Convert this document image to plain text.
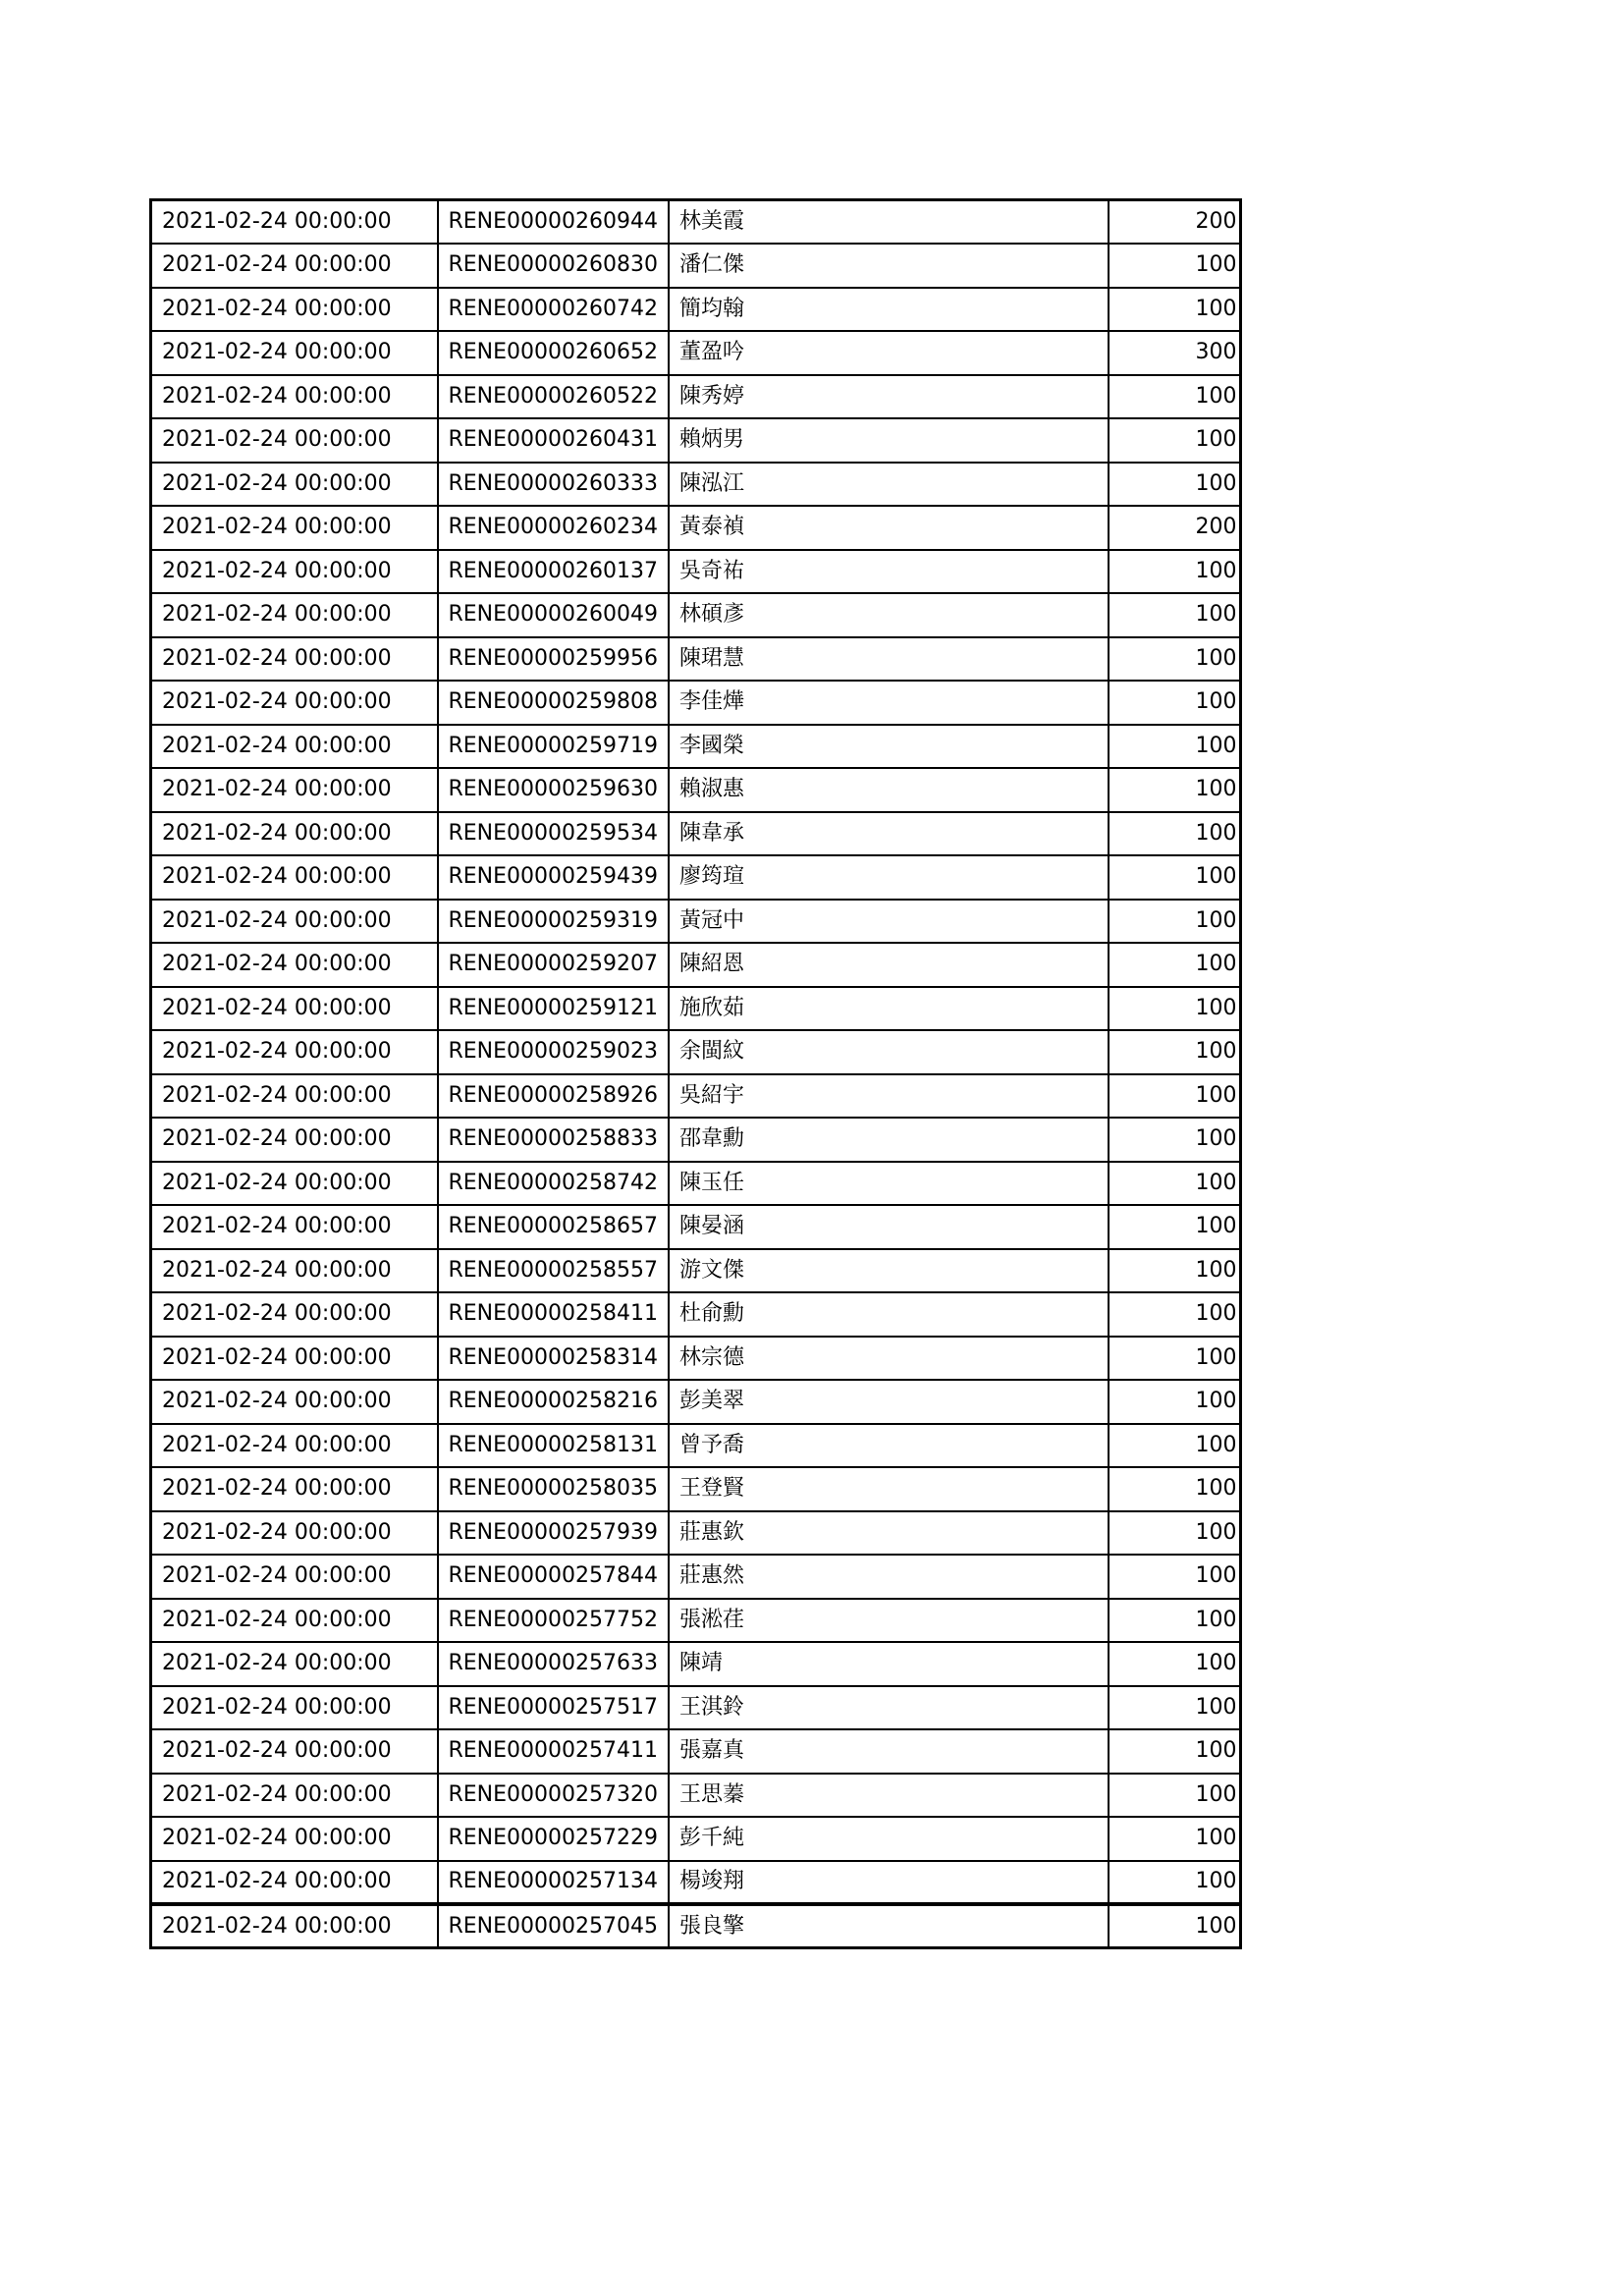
2021-02-24 00:00:00	RENE00000260944	林美霞	200
2021-02-24 00:00:00	RENE00000260830	潘仁傑	100
2021-02-24 00:00:00	RENE00000260742	簡均翰	100
2021-02-24 00:00:00	RENE00000260652	董盈吟	300
2021-02-24 00:00:00	RENE00000260522	陳秀婷	100
2021-02-24 00:00:00	RENE00000260431	賴炳男	100
2021-02-24 00:00:00	RENE00000260333	陳泓江	100
2021-02-24 00:00:00	RENE00000260234	黃泰禎	200
2021-02-24 00:00:00	RENE00000260137	吳奇祐	100
2021-02-24 00:00:00	RENE00000260049	林碩彥	100
2021-02-24 00:00:00	RENE00000259956	陳珺慧	100
2021-02-24 00:00:00	RENE00000259808	李佳燁	100
2021-02-24 00:00:00	RENE00000259719	李國榮	100
2021-02-24 00:00:00	RENE00000259630	賴淑惠	100
2021-02-24 00:00:00	RENE00000259534	陳韋承	100
2021-02-24 00:00:00	RENE00000259439	廖筠瑄	100
2021-02-24 00:00:00	RENE00000259319	黃冠中	100
2021-02-24 00:00:00	RENE00000259207	陳紹恩	100
2021-02-24 00:00:00	RENE00000259121	施欣茹	100
2021-02-24 00:00:00	RENE00000259023	余閩紋	100
2021-02-24 00:00:00	RENE00000258926	吳紹宇	100
2021-02-24 00:00:00	RENE00000258833	邵韋勳	100
2021-02-24 00:00:00	RENE00000258742	陳玉任	100
2021-02-24 00:00:00	RENE00000258657	陳晏涵	100
2021-02-24 00:00:00	RENE00000258557	游文傑	100
2021-02-24 00:00:00	RENE00000258411	杜俞勳	100
2021-02-24 00:00:00	RENE00000258314	林宗德	100
2021-02-24 00:00:00	RENE00000258216	彭美翠	100
2021-02-24 00:00:00	RENE00000258131	曾予喬	100
2021-02-24 00:00:00	RENE00000258035	王登賢	100
2021-02-24 00:00:00	RENE00000257939	莊惠欽	100
2021-02-24 00:00:00	RENE00000257844	莊惠然	100
2021-02-24 00:00:00	RENE00000257752	張淞荏	100
2021-02-24 00:00:00	RENE00000257633	陳靖	100
2021-02-24 00:00:00	RENE00000257517	王淇鈴	100
2021-02-24 00:00:00	RENE00000257411	張嘉真	100
2021-02-24 00:00:00	RENE00000257320	王思蓁	100
2021-02-24 00:00:00	RENE00000257229	彭千純	100
2021-02-24 00:00:00	RENE00000257134	楊竣翔	100
2021-02-24 00:00:00	RENE00000257045	張良擎	100
